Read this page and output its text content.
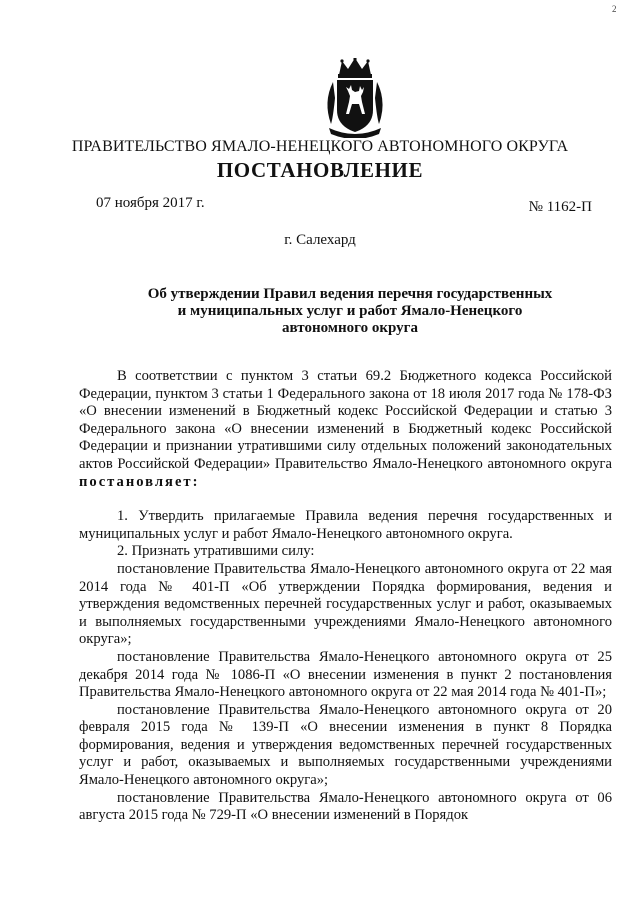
2
ПРАВИТЕЛЬСТВО ЯМАЛО-НЕНЕЦКОГО АВТОНОМНОГО ОКРУГА
ПОСТАНОВЛЕНИЕ
07 ноября 2017 г.	№ 1162-П
г. Салехард
Об утверждении Правил ведения перечня государственных
и муниципальных услуг и работ Ямало-Ненецкого
автономного округа

В соответствии с пунктом 3 статьи 69.2 Бюджетного кодекса Российской Федерации, пунктом 3 статьи 1 Федерального закона от 18 июля 2017 года № 178-ФЗ «О внесении изменений в Бюджетный кодекс Российской Федерации и статью 3 Федерального закона «О внесении изменений в Бюджетный кодекс Российской Федерации и признании утратившими силу отдельных положений законодательных актов Российской Федерации» Правительство Ямало-Ненецкого автономного округа постановляет:

1. Утвердить прилагаемые Правила ведения перечня государственных и муниципальных услуг и работ Ямало-Ненецкого автономного округа.

2. Признать утратившими силу:

постановление Правительства Ямало-Ненецкого автономного округа от 22 мая 2014 года № 401-П «Об утверждении Порядка формирования, ведения и утверждения ведомственных перечней государственных услуг и работ, оказываемых и выполняемых государственными учреждениями Ямало-Ненецкого автономного округа»;

постановление Правительства Ямало-Ненецкого автономного округа от 25 декабря 2014 года № 1086-П «О внесении изменения в пункт 2 постановления Правительства Ямало-Ненецкого автономного округа от 22 мая 2014 года № 401-П»;

постановление Правительства Ямало-Ненецкого автономного округа от 20 февраля 2015 года № 139-П «О внесении изменения в пункт 8 Порядка формирования, ведения и утверждения ведомственных перечней государственных услуг и работ, оказываемых и выполняемых государственными учреждениями Ямало-Ненецкого автономного округа»;

постановление Правительства Ямало-Ненецкого автономного округа от 06 августа 2015 года № 729-П «О внесении изменений в Порядок
